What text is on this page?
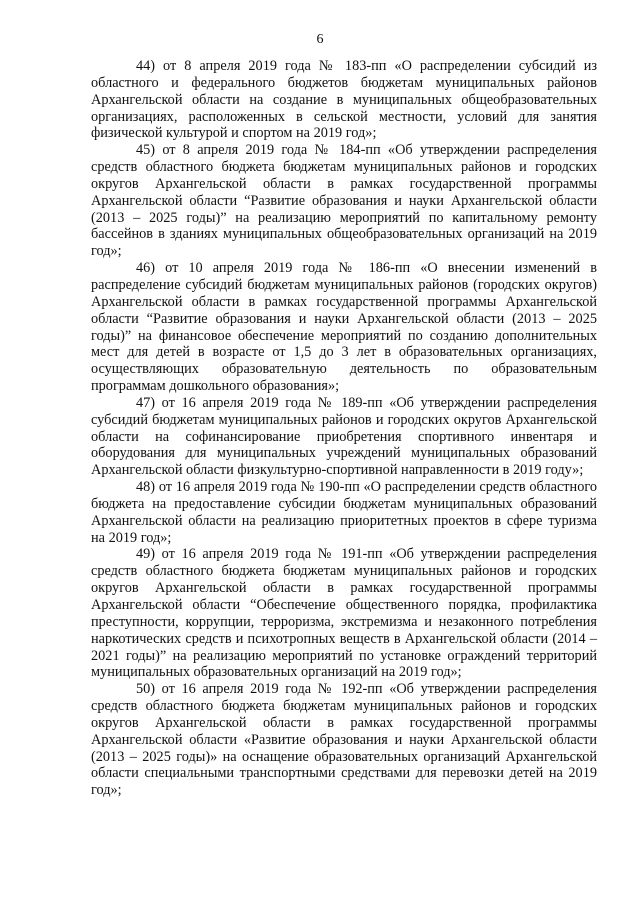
6

44) от 8 апреля 2019 года № 183-пп «О распределении субсидий из областного и федерального бюджетов бюджетам муниципальных районов Архангельской области на создание в муниципальных общеобразовательных организациях, расположенных в сельской местности, условий для занятия физической культурой и спортом на 2019 год»;

45) от 8 апреля 2019 года № 184-пп «Об утверждении распределения средств областного бюджета бюджетам муниципальных районов и городских округов Архангельской области в рамках государственной программы Архангельской области “Развитие образования и науки Архангельской области (2013 – 2025 годы)” на реализацию мероприятий по капитальному ремонту бассейнов в зданиях муниципальных общеобразовательных организаций на 2019 год»;

46) от 10 апреля 2019 года № 186-пп «О внесении изменений в распределение субсидий бюджетам муниципальных районов (городских округов) Архангельской области в рамках государственной программы Архангельской области “Развитие образования и науки Архангельской области (2013 – 2025 годы)” на финансовое обеспечение мероприятий по созданию дополнительных мест для детей в возрасте от 1,5 до 3 лет в образовательных организациях, осуществляющих образовательную деятельность по образовательным программам дошкольного образования»;

47) от 16 апреля 2019 года № 189-пп «Об утверждении распределения субсидий бюджетам муниципальных районов и городских округов Архангельской области на софинансирование приобретения спортивного инвентаря и оборудования для муниципальных учреждений муниципальных образований Архангельской области физкультурно-спортивной направленности в 2019 году»;

48) от 16 апреля 2019 года № 190-пп «О распределении средств областного бюджета на предоставление субсидии бюджетам муниципальных образований Архангельской области на реализацию приоритетных проектов в сфере туризма на 2019 год»;

49) от 16 апреля 2019 года № 191-пп «Об утверждении распределения средств областного бюджета бюджетам муниципальных районов и городских округов Архангельской области в рамках государственной программы Архангельской области “Обеспечение общественного порядка, профилактика преступности, коррупции, терроризма, экстремизма и незаконного потребления наркотических средств и психотропных веществ в Архангельской области (2014 – 2021 годы)” на реализацию мероприятий по установке ограждений территорий муниципальных образовательных организаций на 2019 год»;

50) от 16 апреля 2019 года № 192-пп «Об утверждении распределения средств областного бюджета бюджетам муниципальных районов и городских округов Архангельской области в рамках государственной программы Архангельской области «Развитие образования и науки Архангельской области (2013 – 2025 годы)» на оснащение образовательных организаций Архангельской области специальными транспортными средствами для перевозки детей на 2019 год»;
